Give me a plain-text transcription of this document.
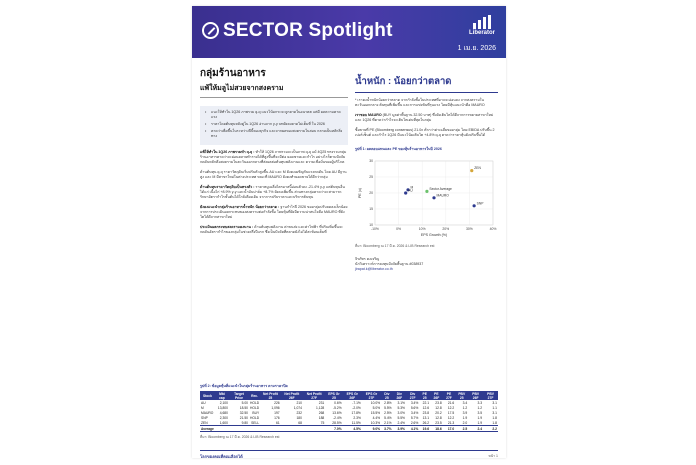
SECTOR Spotlight	Liberator
1 เม.ย. 2026
กลุ่มร้านอาหาร
แพ้ให้มลูไม่สวยจากสงคราม
• แนะให้ทำใน 1Q26 ภาพรวม q-q แนวโน้มกระจะถูกคาดในอนาคต แต่มี ผลความคาดแรง
• ราคาโดยต้นทุนหลังคู่ใน 1Q26 อ่านจาก y-y บทยังคงคาดไม่เต็มที่ ใน 2026
• คาดว่าเพื่อขึ้นในระหว่างปีนี้ของธุรกิจ และจากผลของสงครามในสอบ กลายเป็นหลักสิ่งทาง
แพ้ให้ทำใน 1Q26 ภาพรวมทำ q-q : ทำให้ 1Q26 ภาพรวมจะเป็นภาพ q-q แม้ 4Q25 ทรงรวมกลุ่มร้านอาหารคาดว่าจะผ่อนคลายทำรายได้ที่สูงขึ้นที่จะมีต่อ ยอดขายและกำไร อย่างไรก็ตามปัจจัยกดดันหลักคือสงครามในตะวันออกกลางที่ส่งผลต่อต้นทุนพลังงานและ ความเชื่อมั่นของผู้บริโภค
ด้านต้นทุน q-q ราคาวัตถุดิบเริ่มปรับตัวสูงขึ้น AU และ M ยังคงเผชิญกับแรงกดดัน โดย AU มีฐานสูง และ M มีสาขาใหม่ในต่างประเทศ ขณะที่ MAURO ยังคงทำยอดขายได้ดีกว่ากลุ่ม
ด้านต้นทุนราคาวัตถุดิบเป็นทรงตัว : ราคาหมูเฉลี่ยไตรมาสนี้อ่อนตัวลง -21.4% y-y แต่ต้นทุนอื่น ได้แก่ เนื้อไก่ +8.9% y-y และน้ำมันปาล์ม +8.7% ยังคงเพิ่มขึ้น ส่วนทางกลุ่มคาดว่าจะสามารถรักษาอัตรากำไรขั้นต้นได้ใกล้เคียงเดิม จากการปรับราคาและบริหารต้นทุน
ยังคงแนะนำกลุ่มร้านอาหารน้ำหนัก น้อยกว่าตลาด : ฐานกำไรปี 2026 ของกลุ่มปรับลดลงเล็กน้อยจากการประเมินผลกระทบของสงครามต่อกำลังซื้อ โดยหุ้นที่ยังมีความน่าสนใจคือ MAURO ที่ยังโตได้ดีจากสาขาใหม่
ประเมินผลกระทบสงครามคงนาน : ด้านต้นทุนพลังงาน ค่าขนส่ง และค่าไฟฟ้า ที่ปรับเพิ่มขึ้นจะกดดันอัตรากำไรของกลุ่มในช่วงครึ่งปีแรก ซึ่งเป็นปัจจัยที่ตลาดยังไม่ได้สะท้อนเต็มที่
น้ำหนัก : น้อยกว่าตลาด
* เราคงน้ำหนักน้อยกว่าตลาด จากกำลังซื้อในประเทศที่อาจจะอ่อนลง จากสงครามในตะวันออกกลาง ต้นทุนที่เพิ่มขึ้น และการแข่งขันที่รุนแรง โดยมีหุ้นแนะนำคือ MAURO
เราชอบ MAURO (BUY มูลค่าพื้นฐาน 32.50 บาท) ซึ่งยังเติบโตได้ดีจากการขยายสาขาใหม่ และ 1Q26 ที่คาดว่ากำไรจะเติบโตเด่นที่สุดในกลุ่ม
ซื้อขายที่ PE (Bloomberg consensus) 21.0x ต่ำกว่าค่าเฉลี่ยของกลุ่ม โดย EBIDA ปรับขึ้น 2 เปอร์เซ็นต์ และกำไร 1Q26 มีแนวโน้มเติบโต +4.8% q-q คาดว่าราคาหุ้นยังปรับขึ้นได้
รูปที่ 1: ผลตอบแทนและ PE ของหุ้นร้านอาหารในปี 2026
-10%	0%	10%	20%	30%	40%
10
15
20
25
30
EPS Growth (%)
PE (x)
ZEN
M	Sector Average
AU
MAURO
SNP
ที่มา: Bloomberg ณ 17 มี.ค. 2026 & LIB Research est
จิรภัทร คงเจริญ
นักวิเคราะห์การลงทุนปัจจัยพื้นฐาน #038937
jirapat.k@liberator.co.th
รูปที่ 2: ข้อมูลหุ้นที่แนะนำในกลุ่มร้านอาหาร ตามราคาปิด
Stock	Mkt cap	Target Price	Rec.	Net Profit 25	Net Profit 26F	Net Profit 27F	EPS Gr 25	EPS Gr 26F	EPS Gr 27F	Div 25	Div 26F	Div 27F	PE 25	PE 26F	PE 27F	PBV 25	PBV 26F	PBV 27F
AU	2,100	5.00	HOLD	226	210	231	0.6%	-7.1%	10.0%	2.8%	3.1%	3.4%	22.1	23.8	21.6	3.4	3.3	3.1
M	13,800	18.50	HOLD	1,096	1,074	1,128	-5.2%	-2.0%	5.0%	5.5%	5.3%	5.6%	12.6	12.8	12.2	1.2	1.2	1.1
MAURO	4,680	32.50	BUY	197	232	268	13.6%	17.8%	15.5%	2.5%	3.0%	3.4%	23.8	20.2	17.5	3.9	3.5	3.1
SNP	2,300	21.50	HOLD	176	180	188	-2.4%	2.3%	4.4%	5.4%	5.5%	5.7%	13.1	12.8	12.2	1.9	1.9	1.8
ZEN	1,600	9.80	SELL	61	68	75	28.5%	11.5%	10.3%	2.1%	2.4%	2.6%	26.2	23.5	21.3	2.0	1.9	1.8
Average							7.0%	4.5%	9.0%	3.7%	3.9%	4.1%	19.6	18.6	17.0	2.5	2.4	2.2
ที่มา: Bloomberg ณ 17 มี.ค. 2026 & LIB Research est
โลกของคุณที่คุณเลือกได้	หน้า 1
